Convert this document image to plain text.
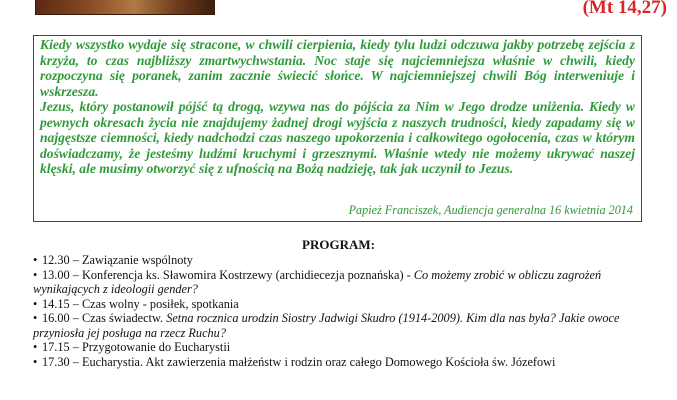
(Mt 14,27)

Kiedy wszystko wydaje się stracone, w chwili cierpienia, kiedy tylu ludzi odczuwa jakby potrzebę zejścia z krzyża, to czas najbliższy zmartwychwstania. Noc staje się najciemniejsza właśnie w chwili, kiedy rozpoczyna się poranek, zanim zacznie świecić słońce. W najciemniejszej chwili Bóg interweniuje i wskrzesza.

Jezus, który postanowił pójść tą drogą, wzywa nas do pójścia za Nim w Jego drodze uniżenia. Kiedy w pewnych okresach życia nie znajdujemy żadnej drogi wyjścia z naszych trudności, kiedy zapadamy się w najgęstsze ciemności, kiedy nadchodzi czas naszego upokorzenia i całkowitego ogołocenia, czas w którym doświadczamy, że jesteśmy ludźmi kruchymi i grzesznymi. Właśnie wtedy nie możemy ukrywać naszej klęski, ale musimy otworzyć się z ufnością na Bożą nadzieję, tak jak uczynił to Jezus.

Papież Franciszek, Audiencja generalna 16 kwietnia 2014

PROGRAM:
• 12.30 – Zawiązanie wspólnoty
• 13.00 – Konferencja ks. Sławomira Kostrzewy (archidiecezja poznańska) - Co możemy zrobić w obliczu zagrożeń wynikających z ideologii gender?
• 14.15 – Czas wolny - posiłek, spotkania
• 16.00 – Czas świadectw. Setna rocznica urodzin Siostry Jadwigi Skudro (1914-2009). Kim dla nas była? Jakie owoce przyniosła jej posługa na rzecz Ruchu?
• 17.15 – Przygotowanie do Eucharystii
• 17.30 – Eucharystia. Akt zawierzenia małżeństw i rodzin oraz całego Domowego Kościoła św. Józefowi
